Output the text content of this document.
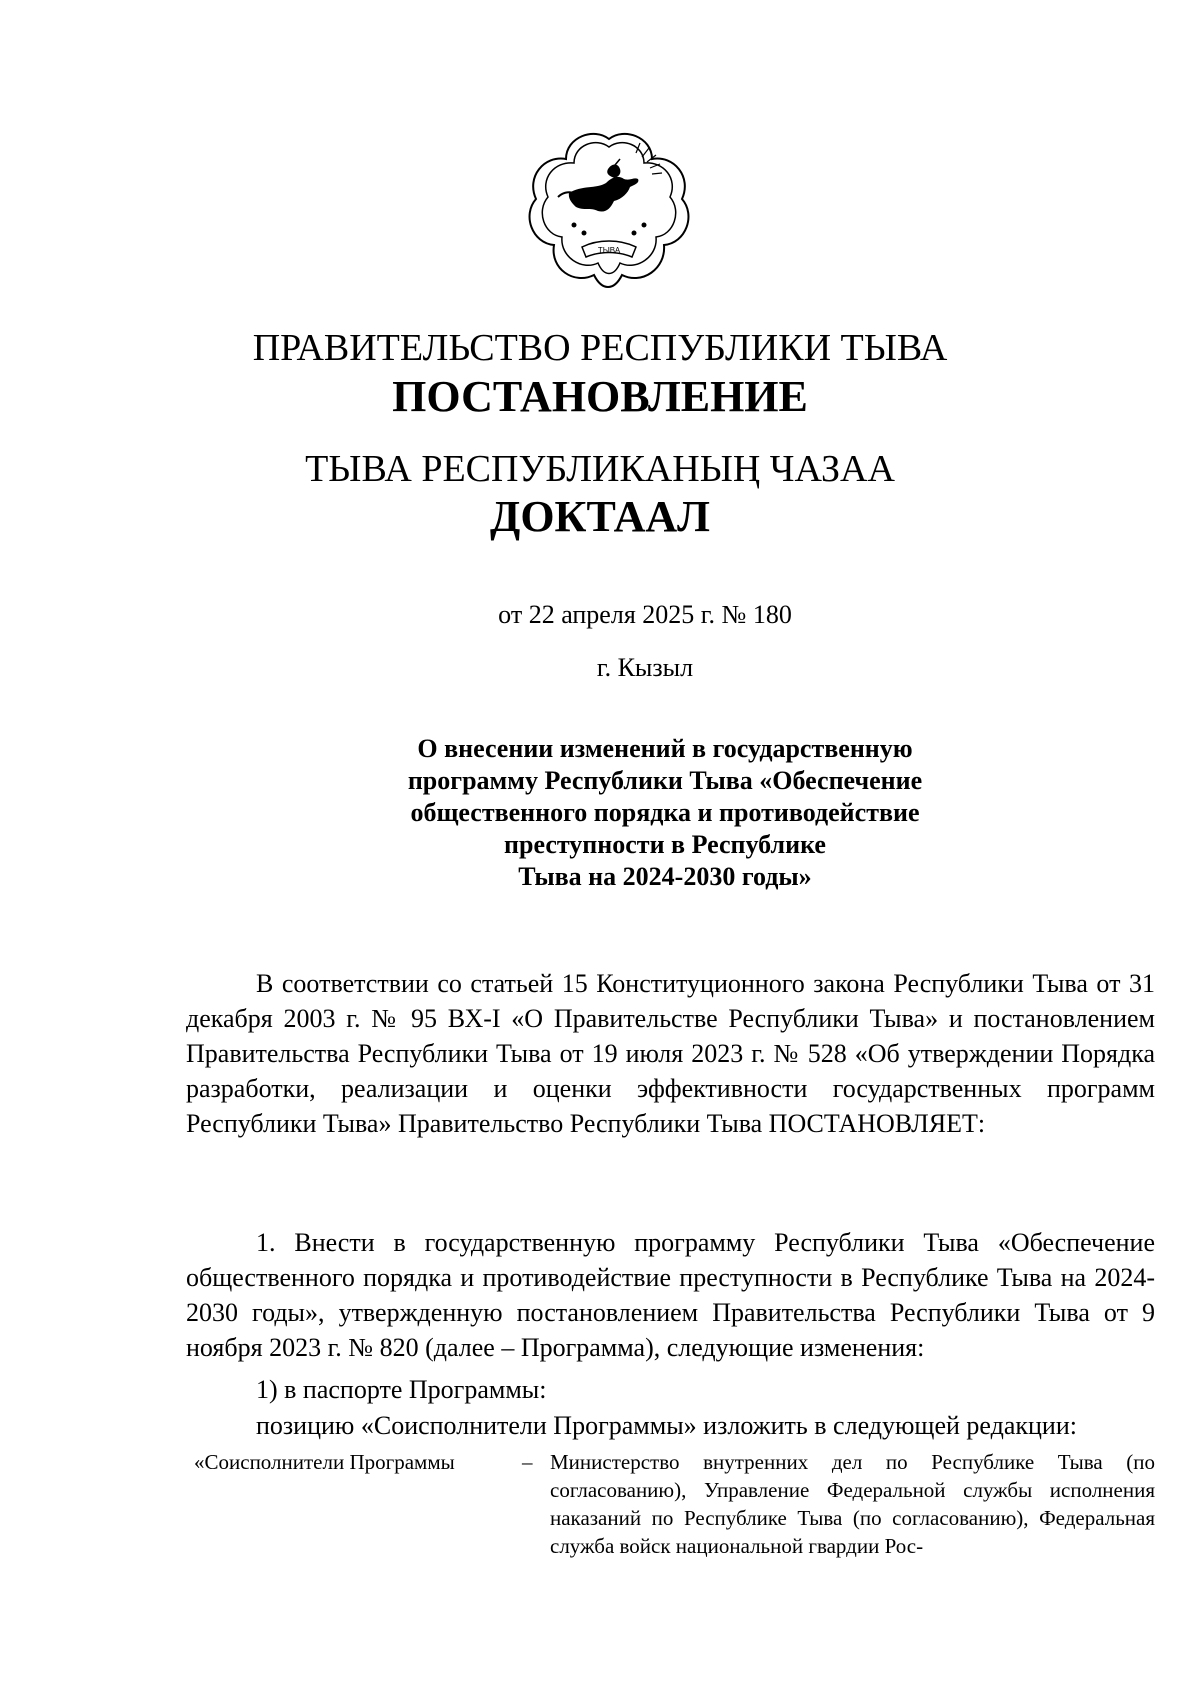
ТЫВА
ПРАВИТЕЛЬСТВО РЕСПУБЛИКИ ТЫВА
ПОСТАНОВЛЕНИЕ
ТЫВА РЕСПУБЛИКАНЫҢ ЧАЗАА
ДОКТААЛ
от 22 апреля 2025 г. № 180
г. Кызыл
О внесении изменений в государственную
программу Республики Тыва «Обеспечение
общественного порядка и противодействие
преступности в Республике
Тыва на 2024-2030 годы»
В соответствии со статьей 15 Конституционного закона Республики Тыва от 31 декабря 2003 г. № 95 ВХ-I «О Правительстве Республики Тыва» и постановлением Правительства Республики Тыва от 19 июля 2023 г. № 528 «Об утверждении Порядка разработки, реализации и оценки эффективности государственных программ Республики Тыва» Правительство Республики Тыва ПОСТАНОВЛЯЕТ:
1. Внести в государственную программу Республики Тыва «Обеспечение общественного порядка и противодействие преступности в Республике Тыва на 2024-2030 годы», утвержденную постановлением Правительства Республики Тыва от 9 ноября 2023 г. № 820 (далее – Программа), следующие изменения:
1) в паспорте Программы:
позицию «Соисполнители Программы» изложить в следующей редакции:
«Соисполнители Программы	– Министерство внутренних дел по Республике Тыва (по согласованию), Управление Федеральной службы исполнения наказаний по Республике Тыва (по согласованию), Федеральная служба войск национальной гвардии Рос-
